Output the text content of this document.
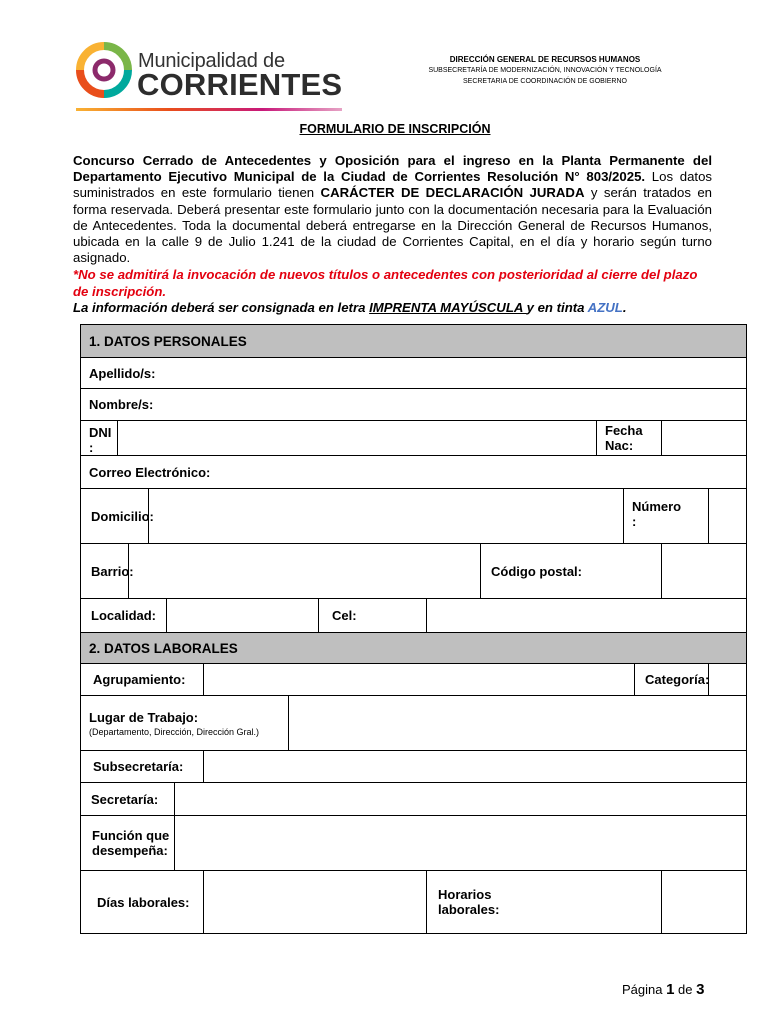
Municipalidad de
CORRIENTES
DIRECCIÓN GENERAL DE RECURSOS HUMANOS
SUBSECRETARÍA DE MODERNIZACIÓN, INNOVACIÓN Y TECNOLOGÍA
SECRETARIA DE COORDINACIÓN DE GOBIERNO
FORMULARIO DE INSCRIPCIÓN

Concurso Cerrado de Antecedentes y Oposición para el ingreso en la Planta Permanente del Departamento Ejecutivo Municipal de la Ciudad de Corrientes Resolución N° 803/2025. Los datos suministrados en este formulario tienen CARÁCTER DE DECLARACIÓN JURADA y serán tratados en forma reservada. Deberá presentar este formulario junto con la documentación necesaria para la Evaluación de Antecedentes. Toda la documental deberá entregarse en la Dirección General de Recursos Humanos, ubicada en la calle 9 de Julio 1.241 de la ciudad de Corrientes Capital, en el día y horario según turno asignado.

*No se admitirá la invocación de nuevos títulos o antecedentes con posterioridad al cierre del plazo de inscripción.

La información deberá ser consignada en letra IMPRENTA MAYÚSCULA y en tinta AZUL.

1. DATOS PERSONALES															
Apellido/s:															
Nombre/s:															
DNI
:											Fecha
Nac:				
Correo Electrónico:															
Domicilio:												Número
:			
Barrio:										Código postal:					
Localidad:								Cel:							
2. DATOS LABORALES															
Agrupamiento:													Categoría:		
Lugar de Trabajo:
(Departamento, Dirección, Dirección Gral.)															

Subsecretaría:															
Secretaría:															
Función que
desempeña:															
Días laborales:									Horarios
laborales:						
Página 1 de 3
